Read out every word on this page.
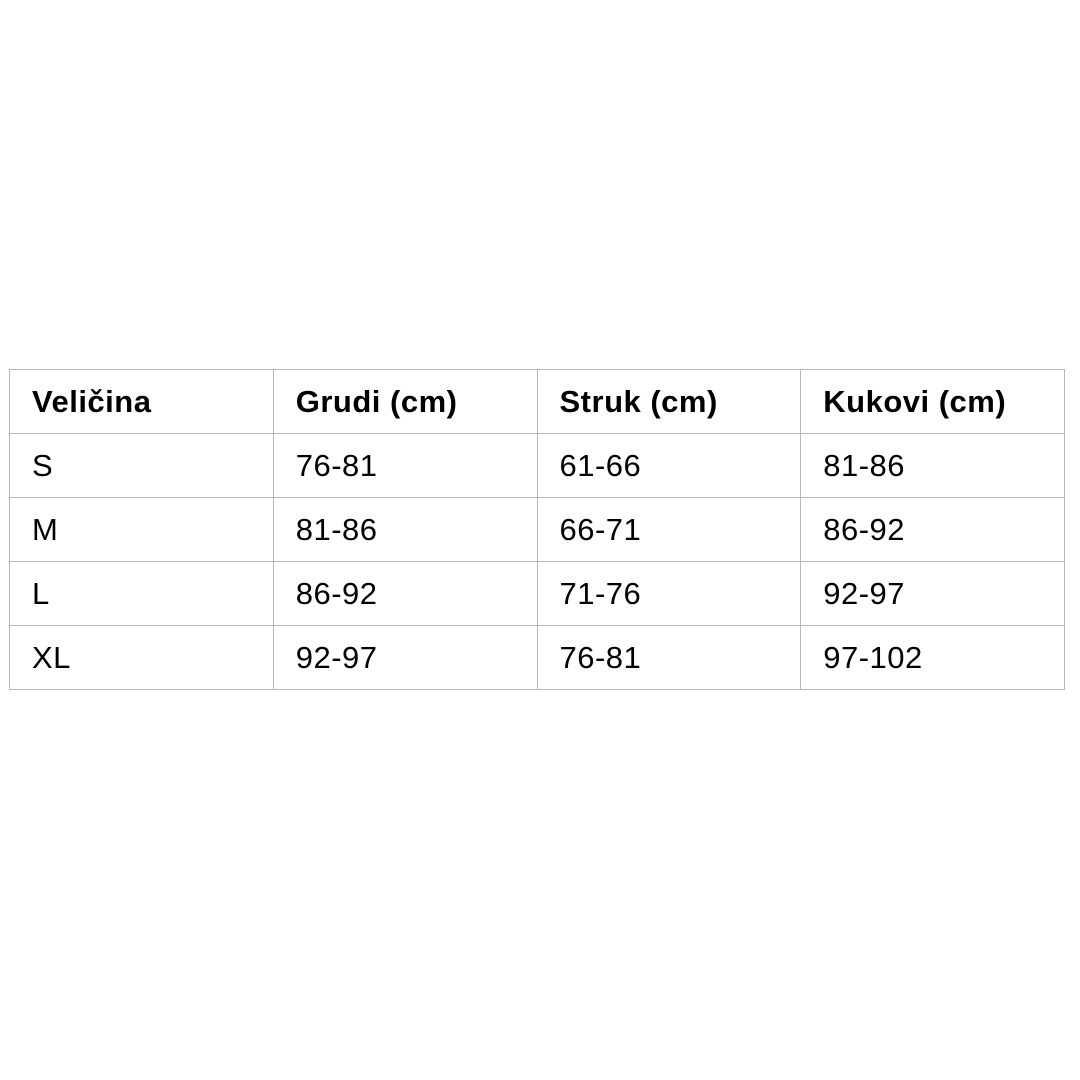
Veličina	Grudi (cm)	Struk (cm)	Kukovi (cm)
S	76-81	61-66	81-86
M	81-86	66-71	86-92
L	86-92	71-76	92-97
XL	92-97	76-81	97-102
